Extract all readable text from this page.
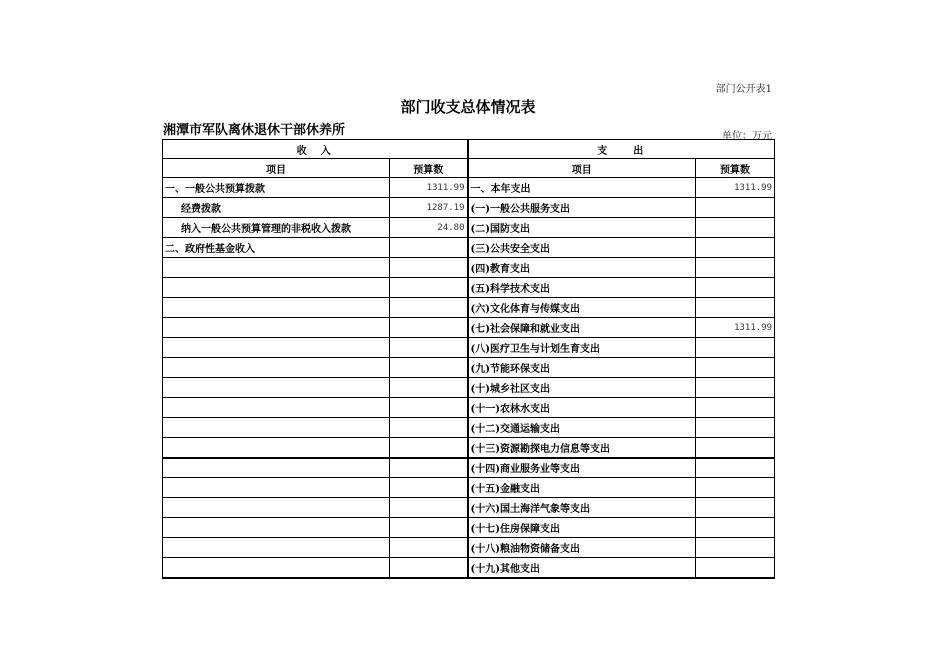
部门公开表1
部门收支总体情况表
湘潭市军队离休退休干部休养所	单位：万元
收　入		支　　出	
项目	预算数	项目	预算数
一、一般公共预算拨款	1311.99	一、本年支出	1311.99
经费拨款	1287.19	(一)一般公共服务支出	
纳入一般公共预算管理的非税收入拨款	24.80	(二)国防支出	
二、政府性基金收入		(三)公共安全支出	
		(四)教育支出	
		(五)科学技术支出	
		(六)文化体育与传媒支出	
		(七)社会保障和就业支出	1311.99
		(八)医疗卫生与计划生育支出	
		(九)节能环保支出	
		(十)城乡社区支出	
		(十一)农林水支出	
		(十二)交通运输支出	
		(十三)资源勘探电力信息等支出	
		(十四)商业服务业等支出	
		(十五)金融支出	
		(十六)国土海洋气象等支出	
		(十七)住房保障支出	
		(十八)粮油物资储备支出	
		(十九)其他支出	
